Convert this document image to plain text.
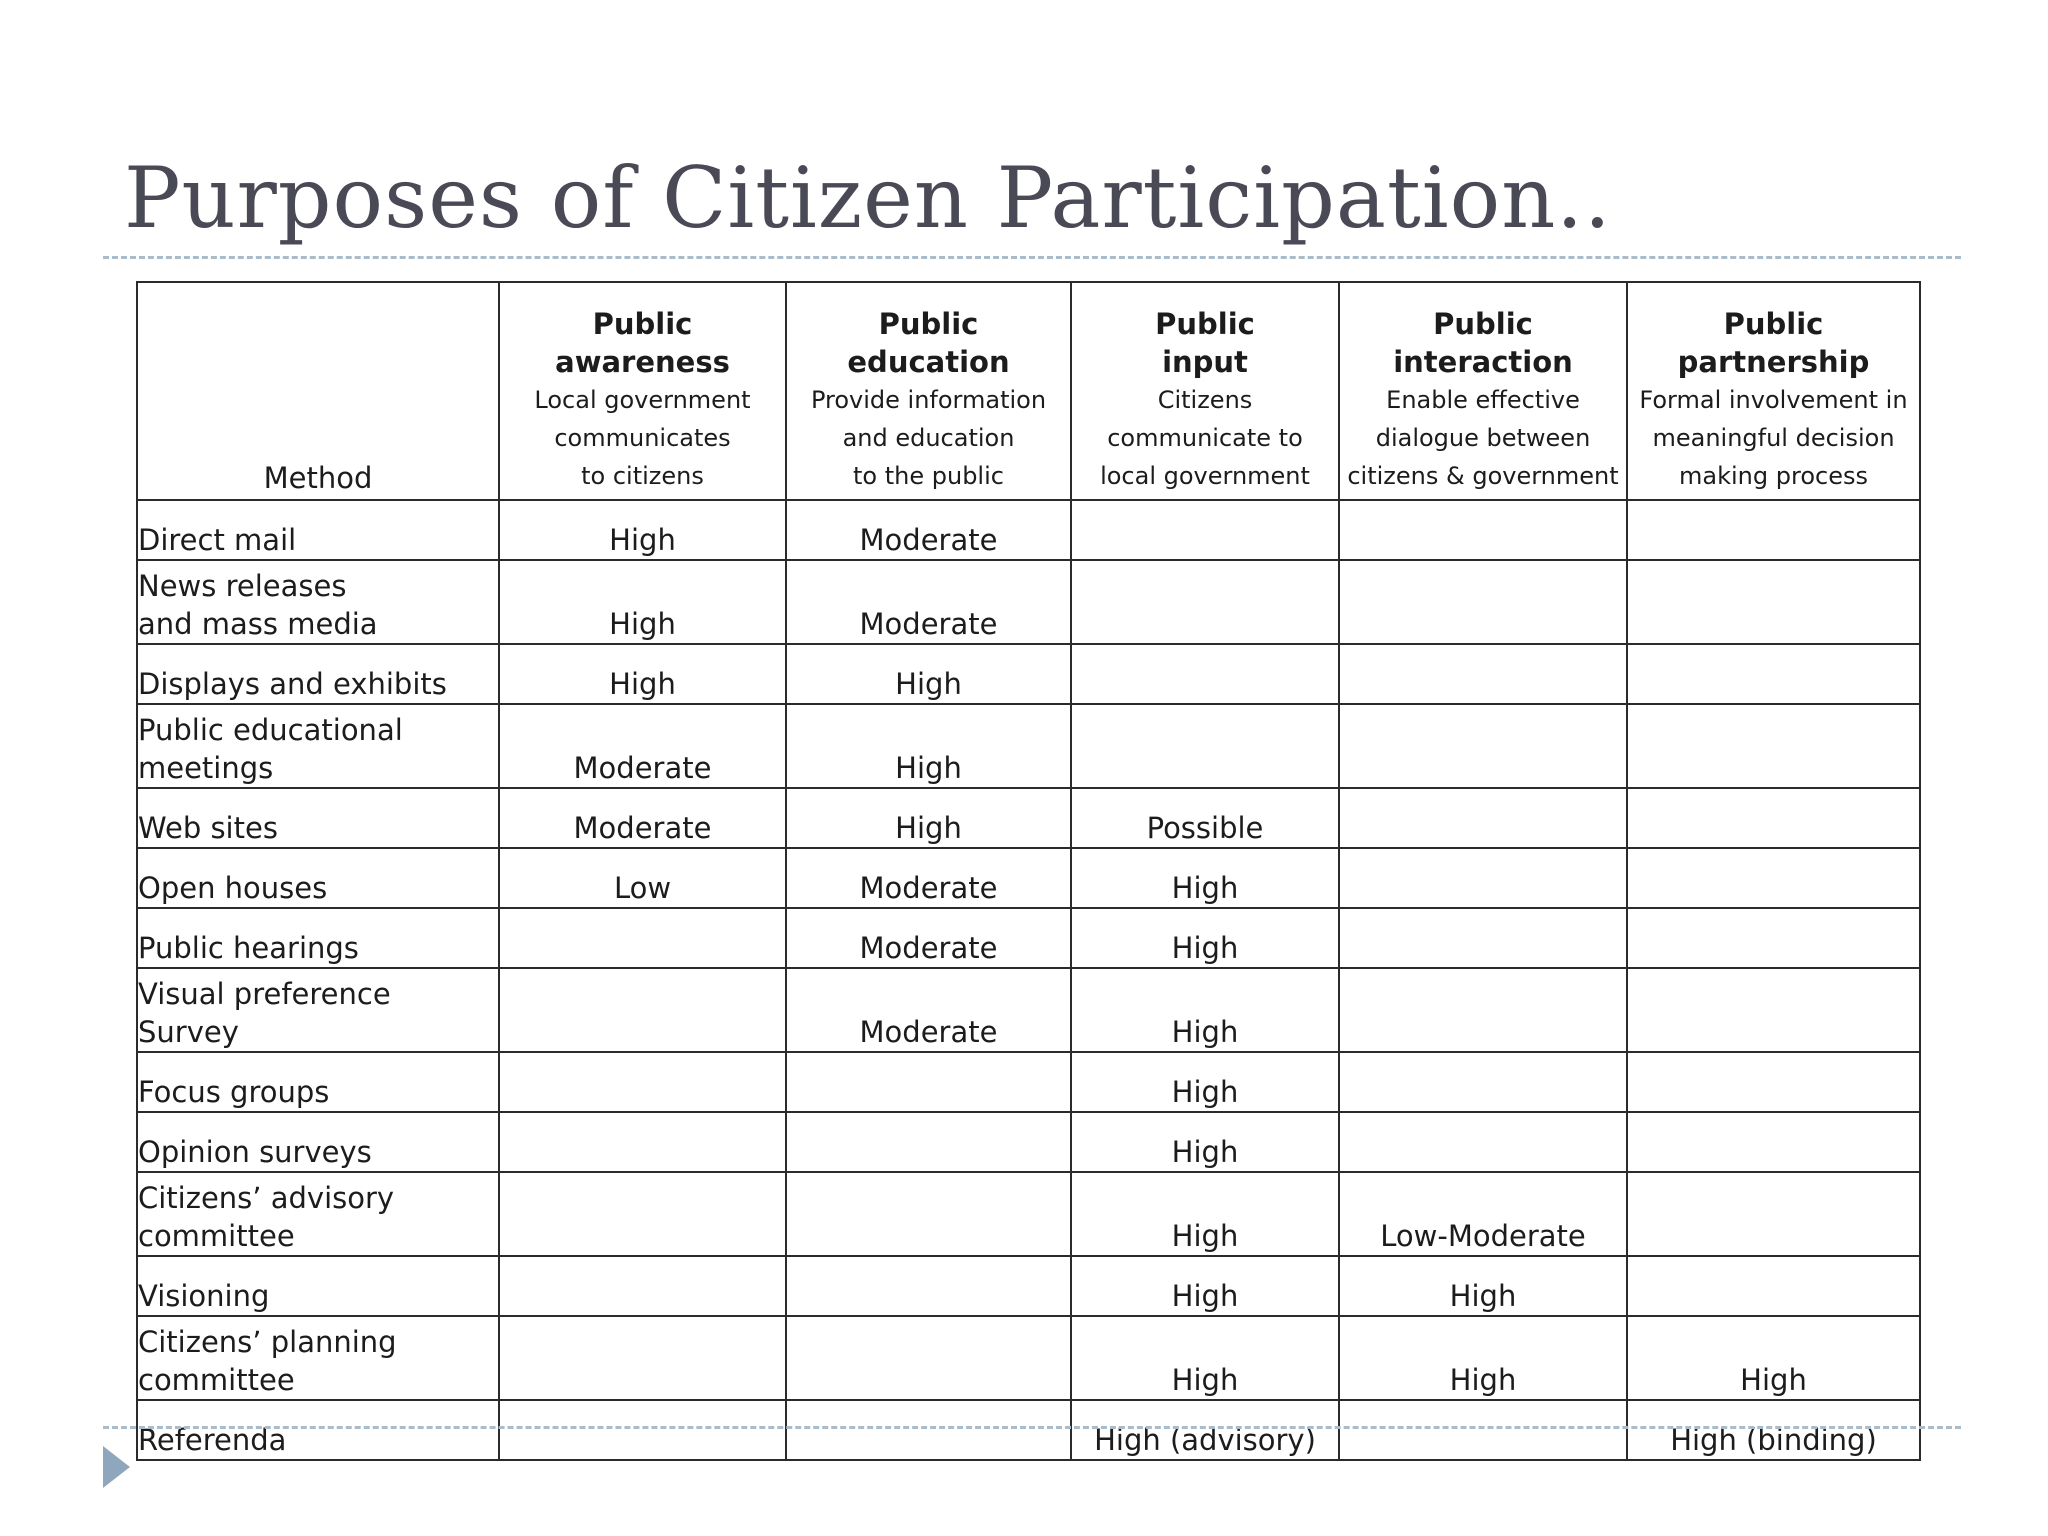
Purposes of Citizen Participation..
Method	Public
awareness
Local government
communicates
to citizens	Public
education
Provide information
and education
to the public	Public
input
Citizens
communicate to
local government	Public
interaction
Enable effective
dialogue between
citizens & government	Public
partnership
Formal involvement in
meaningful decision
making process

Direct mail	High	Moderate			
News releases
and mass media	High	Moderate			
Displays and exhibits	High	High			
Public educational
meetings	Moderate	High			
Web sites	Moderate	High	Possible		
Open houses	Low	Moderate	High		
Public hearings		Moderate	High		
Visual preference
Survey		Moderate	High		
Focus groups			High		
Opinion surveys			High		
Citizens’ advisory
committee			High	Low-Moderate	
Visioning			High	High	
Citizens’ planning
committee			High	High	High
Referenda			High (advisory)		High (binding)
